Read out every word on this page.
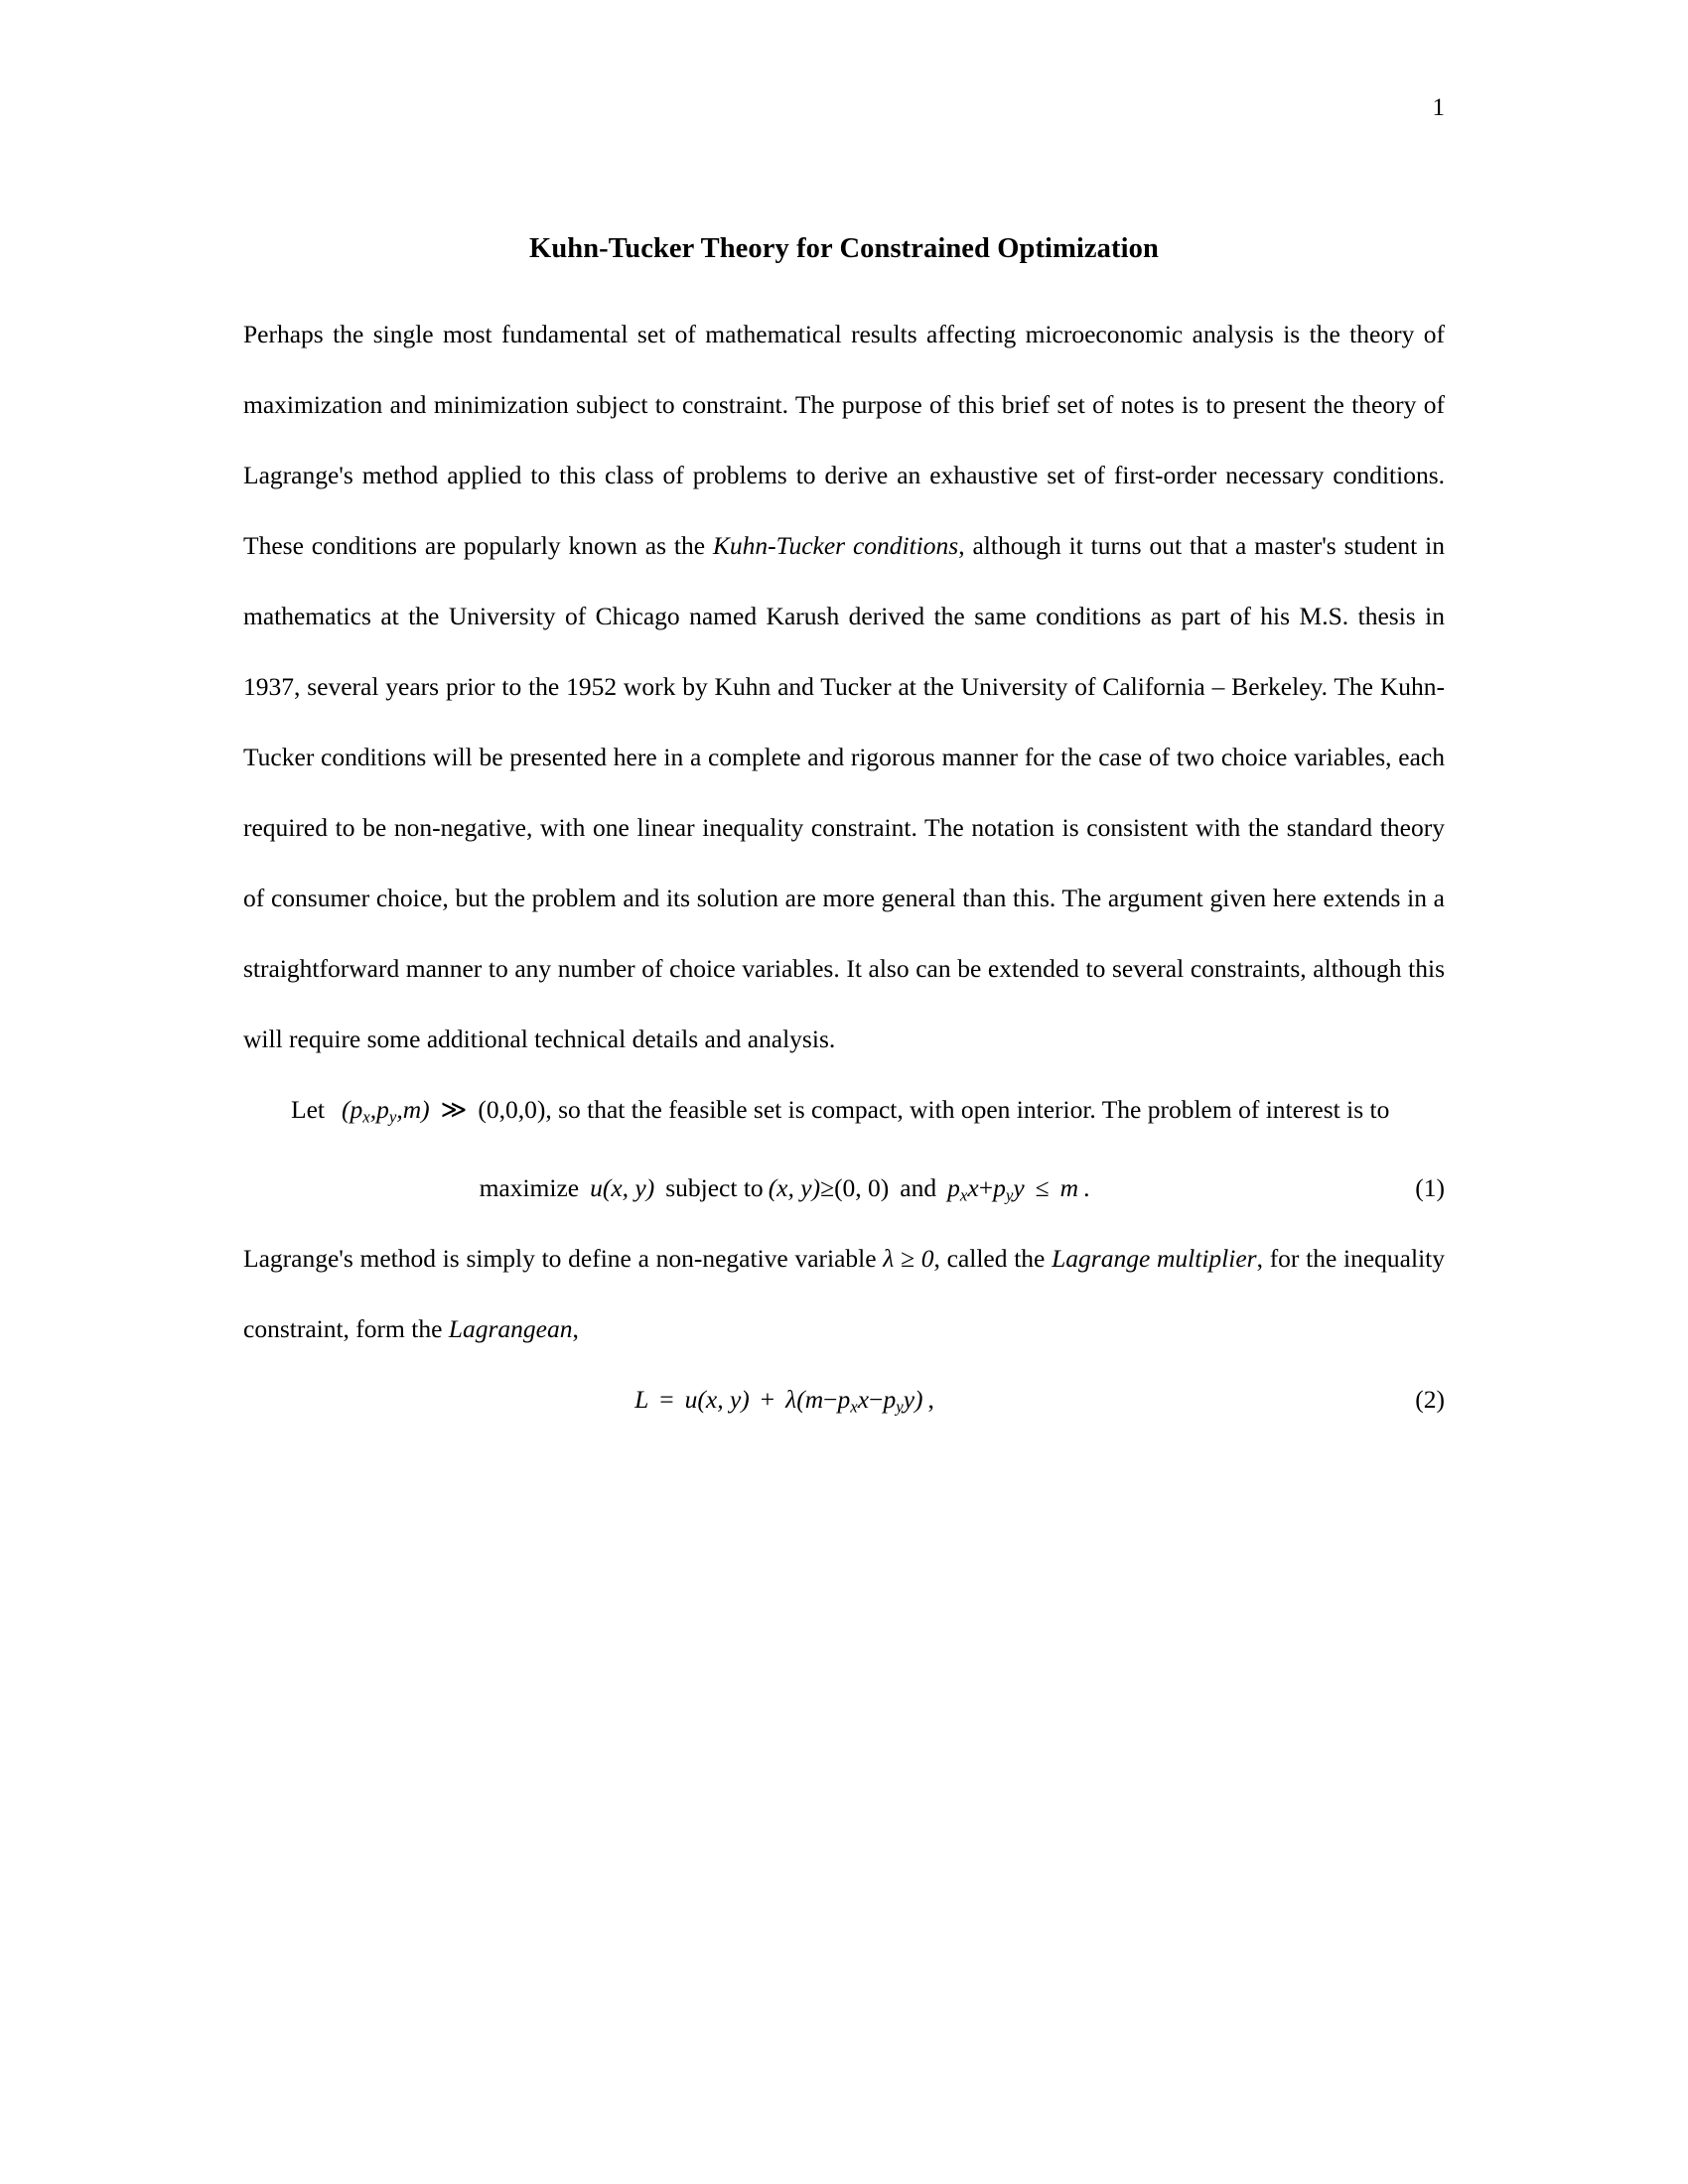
1
Kuhn-Tucker Theory for Constrained Optimization

Perhaps the single most fundamental set of mathematical results affecting microeconomic analysis is the theory of maximization and minimization subject to constraint. The purpose of this brief set of notes is to present the theory of Lagrange's method applied to this class of problems to derive an exhaustive set of first-order necessary conditions. These conditions are popularly known as the Kuhn-Tucker conditions, although it turns out that a master's student in mathematics at the University of Chicago named Karush derived the same conditions as part of his M.S. thesis in 1937, several years prior to the 1952 work by Kuhn and Tucker at the University of California – Berkeley. The Kuhn-Tucker conditions will be presented here in a complete and rigorous manner for the case of two choice variables, each required to be non-negative, with one linear inequality constraint. The notation is consistent with the standard theory of consumer choice, but the problem and its solution are more general than this. The argument given here extends in a straightforward manner to any number of choice variables. It also can be extended to several constraints, although this will require some additional technical details and analysis.

Let $(p_x,p_y,m)$ ≫ (0,0,0), so that the feasible set is compact, with open interior. The problem of interest is to

maximize u(x, y) subject to (x, y)≥(0, 0) and $p_xx+p_yy \le m$ .	(1)

Lagrange's method is simply to define a non-negative variable λ ≥ 0, called the Lagrange multiplier, for the inequality constraint, form the Lagrangean,

L = u(x, $y) + \lambda(m-p_xx-p_yy)$ ,	(2)
